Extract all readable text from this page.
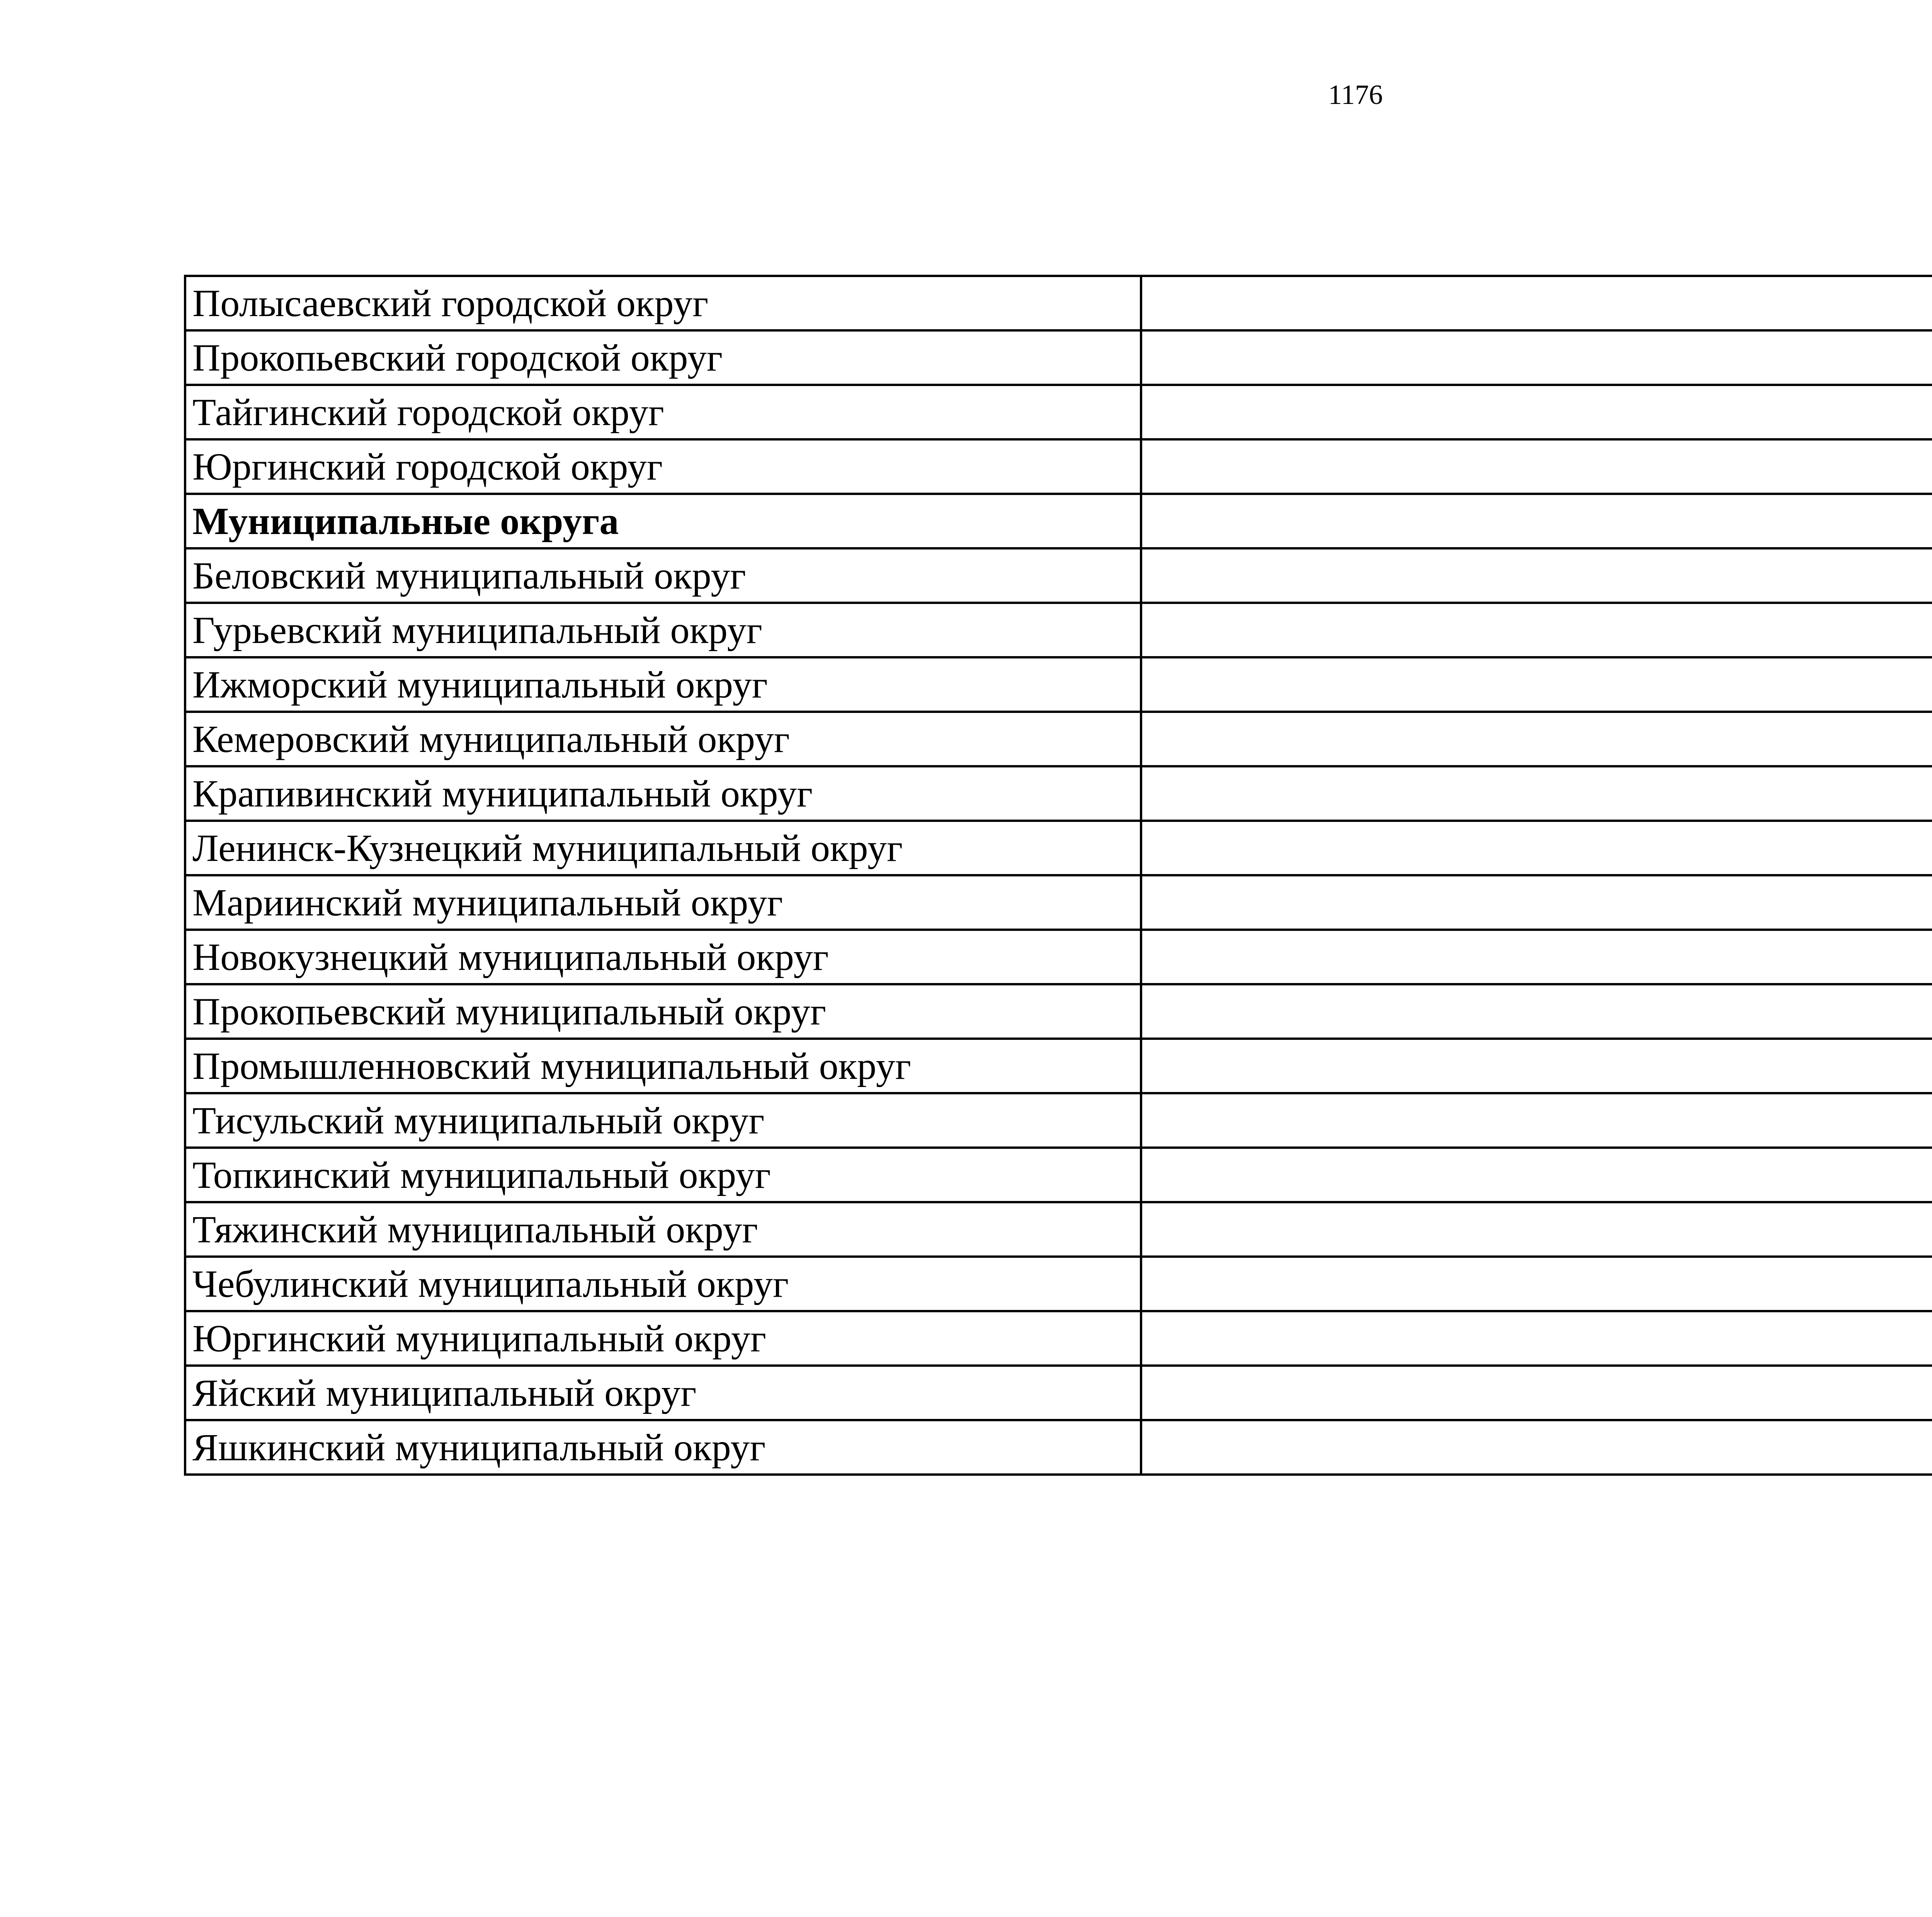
1176
Полысаевский городской округ	
Прокопьевский городской округ	
Тайгинский городской округ	
Юргинский городской округ	
Муниципальные округа	
Беловский муниципальный округ	
Гурьевский муниципальный округ	
Ижморский муниципальный округ	
Кемеровский муниципальный округ	
Крапивинский муниципальный округ	
Ленинск-Кузнецкий муниципальный округ	
Мариинский муниципальный округ	
Новокузнецкий муниципальный округ	
Прокопьевский муниципальный округ	
Промышленновский муниципальный округ	
Тисульский муниципальный округ	
Топкинский муниципальный округ	
Тяжинский муниципальный округ	
Чебулинский муниципальный округ	
Юргинский муниципальный округ	
Яйский муниципальный округ	
Яшкинский муниципальный округ	
